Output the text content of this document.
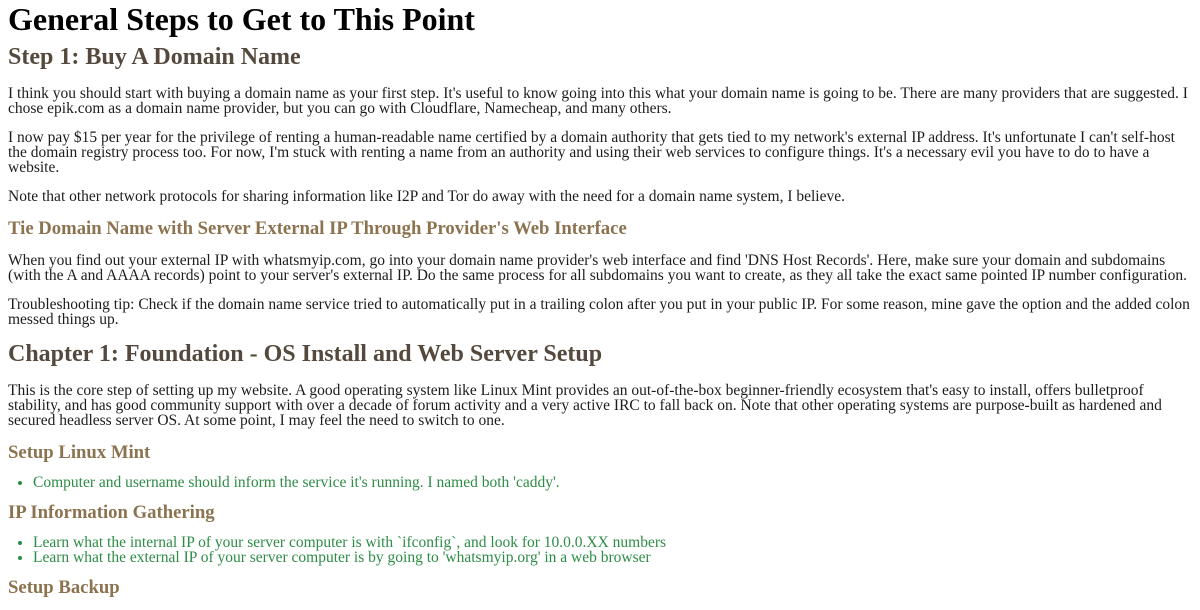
General Steps to Get to This Point
Step 1: Buy A Domain Name

I think you should start with buying a domain name as your first step. It's useful to know going into this what your domain name is going to be. There are many providers that are suggested. I chose epik.com as a domain name provider, but you can go with Cloudflare, Namecheap, and many others.

I now pay $15 per year for the privilege of renting a human-readable name certified by a domain authority that gets tied to my network's external IP address. It's unfortunate I can't self-host the domain registry process too. For now, I'm stuck with renting a name from an authority and using their web services to configure things. It's a necessary evil you have to do to have a website.

Note that other network protocols for sharing information like I2P and Tor do away with the need for a domain name system, I believe.

Tie Domain Name with Server External IP Through Provider's Web Interface

When you find out your external IP with whatsmyip.com, go into your domain name provider's web interface and find 'DNS Host Records'. Here, make sure your domain and subdomains (with the A and AAAA records) point to your server's external IP. Do the same process for all subdomains you want to create, as they all take the exact same pointed IP number configuration.

Troubleshooting tip: Check if the domain name service tried to automatically put in a trailing colon after you put in your public IP. For some reason, mine gave the option and the added colon messed things up.

Chapter 1: Foundation - OS Install and Web Server Setup

This is the core step of setting up my website. A good operating system like Linux Mint provides an out-of-the-box beginner-friendly ecosystem that's easy to install, offers bulletproof stability, and has good community support with over a decade of forum activity and a very active IRC to fall back on. Note that other operating systems are purpose-built as hardened and secured headless server OS. At some point, I may feel the need to switch to one.

Setup Linux Mint
• Computer and username should inform the service it's running. I named both 'caddy'.
IP Information Gathering
• Learn what the internal IP of your server computer is with `ifconfig`, and look for 10.0.0.XX numbers
• Learn what the external IP of your server computer is by going to 'whatsmyip.org' in a web browser
Setup Backup
